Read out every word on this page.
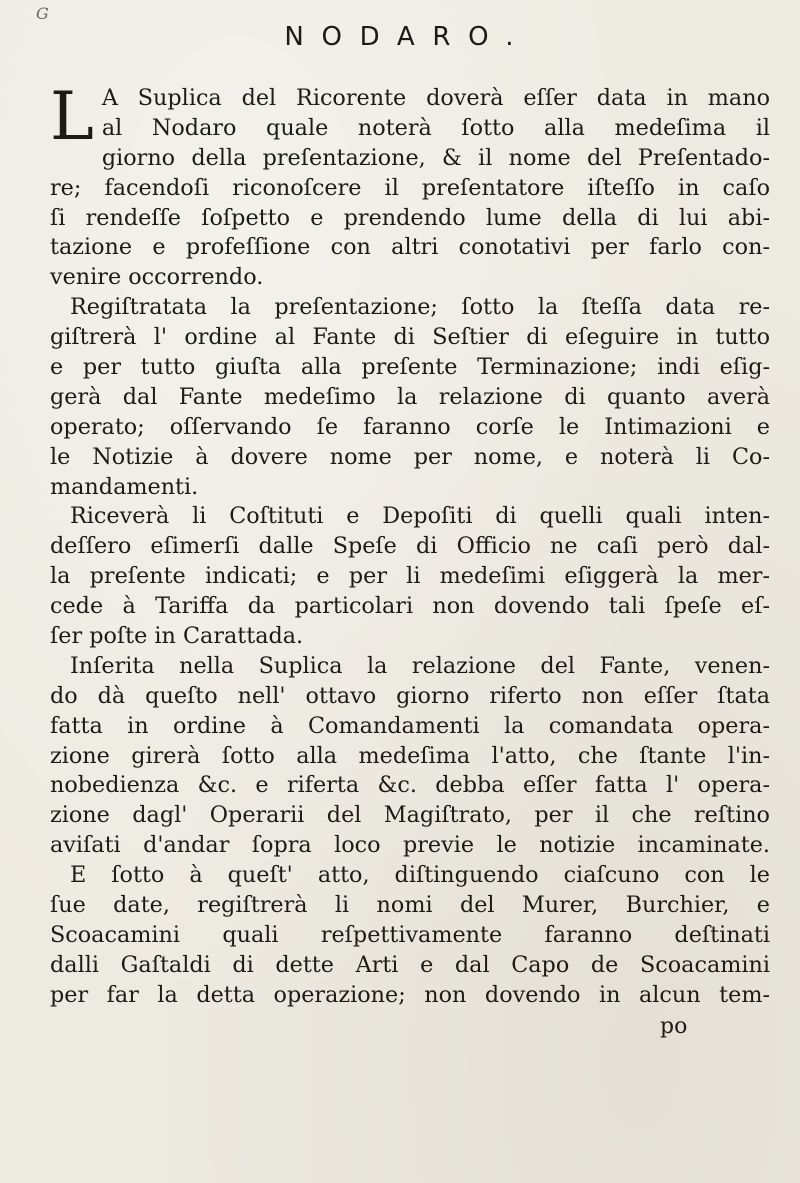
G
NODARO.
L A Suplica del Ricorente doverà eſſer data in mano
al Nodaro quale noterà ſotto alla medeſima il
giorno della preſentazione, & il nome del Preſentado-
re; facendoſi riconoſcere il preſentatore iſteſſo in caſo
ſi rendeſſe ſoſpetto e prendendo lume della di lui abi-
tazione e profeſſione con altri conotativi per farlo con-
venire occorrendo.
Regiſtratata la preſentazione; ſotto la ſteſſa data re-
giſtrerà l' ordine al Fante di Seſtier di eſeguire in tutto
e per tutto giuſta alla preſente Terminazione; indi eſig-
gerà dal Fante medeſimo la relazione di quanto averà
operato; oſſervando ſe faranno corſe le Intimazioni e
le Notizie à dovere nome per nome, e noterà li Co-
mandamenti.
Riceverà li Coſtituti e Depoſiti di quelli quali inten-
deſſero eſimerſi dalle Speſe di Officio ne caſi però dal-
la preſente indicati; e per li medeſimi eſiggerà la mer-
cede à Tariffa da particolari non dovendo tali ſpeſe eſ-
ſer poſte in Carattada.
Inſerita nella Suplica la relazione del Fante, venen-
do dà queſto nell' ottavo giorno riferto non eſſer ſtata
fatta in ordine à Comandamenti la comandata opera-
zione girerà ſotto alla medeſima l'atto, che ſtante l'in-
nobedienza &c. e riferta &c. debba eſſer fatta l' opera-
zione dagl' Operarii del Magiſtrato, per il che reſtino
aviſati d'andar ſopra loco previe le notizie incaminate.
E ſotto à queſt' atto, diſtinguendo ciaſcuno con le
ſue date, regiſtrerà li nomi del Murer, Burchier, e
Scoacamini quali reſpettivamente faranno deſtinati
dalli Gaſtaldi di dette Arti e dal Capo de Scoacamini
per far la detta operazione; non dovendo in alcun tem-
po
